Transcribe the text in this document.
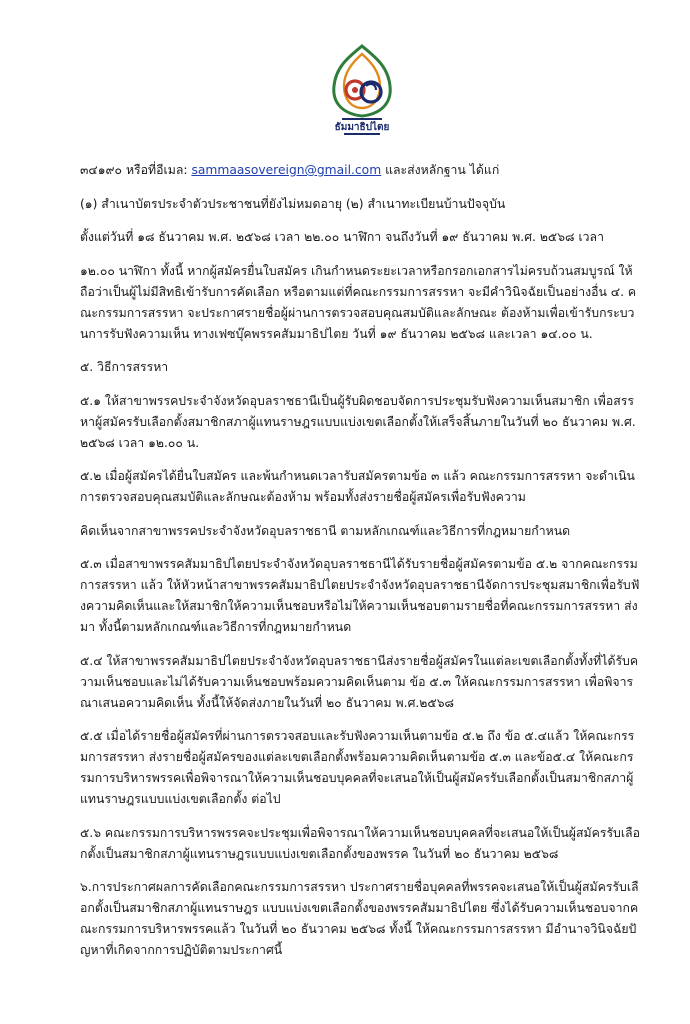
ธัมมาธิปไตย

๓๔๑๙๐ หรือที่อีเมล: sammaasovereign@gmail.com และส่งหลักฐาน ได้แก่

(๑) สำเนาบัตรประจำตัวประชาชนที่ยังไม่หมดอายุ (๒) สำเนาทะเบียนบ้านปัจจุบัน

ตั้งแต่วันที่ ๑๘ ธันวาคม พ.ศ. ๒๕๖๘ เวลา ๒๒.๐๐ นาฬิกา จนถึงวันที่ ๑๙ ธันวาคม พ.ศ. ๒๕๖๘ เวลา

๑๒.๐๐ นาฬิกา ทั้งนี้ หากผู้สมัครยื่นใบสมัคร เกินกำหนดระยะเวลาหรือกรอกเอกสารไม่ครบถ้วนสมบูรณ์ ให้ถือว่าเป็นผู้ไม่มีสิทธิเข้ารับการคัดเลือก หรือตามแต่ที่คณะกรรมการสรรหา จะมีคำวินิจฉัยเป็นอย่างอื่น ๔. คณะกรรมการสรรหา จะประกาศรายชื่อผู้ผ่านการตรวจสอบคุณสมบัติและลักษณะ ต้องห้ามเพื่อเข้ารับกระบวนการรับฟังความเห็น ทางเฟซบุ๊คพรรคสัมมาธิปไตย วันที่ ๑๙ ธันวาคม ๒๕๖๘ และเวลา ๑๔.๐๐ น.

๕. วิธีการสรรหา

๕.๑ ให้สาขาพรรคประจำจังหวัดอุบลราชธานีเป็นผู้รับผิดชอบจัดการประชุมรับฟังความเห็นสมาชิก เพื่อสรรหาผู้สมัครรับเลือกตั้งสมาชิกสภาผู้แทนราษฎรแบบแบ่งเขตเลือกตั้งให้เสร็จสิ้นภายในวันที่ ๒๐ ธันวาคม พ.ศ.๒๕๖๘ เวลา ๑๒.๐๐ น.

๕.๒ เมื่อผู้สมัครได้ยื่นใบสมัคร และพ้นกำหนดเวลารับสมัครตามข้อ ๓ แล้ว คณะกรรมการสรรหา จะดำเนินการตรวจสอบคุณสมบัติและลักษณะต้องห้าม พร้อมทั้งส่งรายชื่อผู้สมัครเพื่อรับฟังความ

คิดเห็นจากสาขาพรรคประจำจังหวัดอุบลราชธานี ตามหลักเกณฑ์และวิธีการที่กฎหมายกำหนด

๕.๓ เมื่อสาขาพรรคสัมมาธิปไตยประจำจังหวัดอุบลราชธานีได้รับรายชื่อผู้สมัครตามข้อ ๕.๒ จากคณะกรรมการสรรหา แล้ว ให้หัวหน้าสาขาพรรคสัมมาธิปไตยประจำจังหวัดอุบลราชธานีจัดการประชุมสมาชิกเพื่อรับฟังความคิดเห็นและให้สมาชิกให้ความเห็นชอบหรือไม่ให้ความเห็นชอบตามรายชื่อที่คณะกรรมการสรรหา ส่งมา ทั้งนี้ตามหลักเกณฑ์และวิธีการที่กฎหมายกำหนด

๕.๔ ให้สาขาพรรคสัมมาธิปไตยประจำจังหวัดอุบลราชธานีส่งรายชื่อผู้สมัครในแต่ละเขตเลือกตั้งทั้งที่ได้รับความเห็นชอบและไม่ได้รับความเห็นชอบพร้อมความคิดเห็นตาม ข้อ ๕.๓ ให้คณะกรรมการสรรหา เพื่อพิจารณาเสนอความคิดเห็น ทั้งนี้ให้จัดส่งภายในวันที่ ๒๐ ธันวาคม พ.ศ.๒๕๖๘

๕.๕ เมื่อได้รายชื่อผู้สมัครที่ผ่านการตรวจสอบและรับฟังความเห็นตามข้อ ๕.๒ ถึง ข้อ ๕.๔แล้ว ให้คณะกรรมการสรรหา ส่งรายชื่อผู้สมัครของแต่ละเขตเลือกตั้งพร้อมความคิดเห็นตามข้อ ๕.๓ และข้อ๕.๔ ให้คณะกรรมการบริหารพรรคเพื่อพิจารณาให้ความเห็นชอบบุคคลที่จะเสนอให้เป็นผู้สมัครรับเลือกตั้งเป็นสมาชิกสภาผู้แทนราษฎรแบบแบ่งเขตเลือกตั้ง ต่อไป

๕.๖ คณะกรรมการบริหารพรรคจะประชุมเพื่อพิจารณาให้ความเห็นชอบบุคคลที่จะเสนอให้เป็นผู้สมัครรับเลือกตั้งเป็นสมาชิกสภาผู้แทนราษฎรแบบแบ่งเขตเลือกตั้งของพรรค ในวันที่ ๒๐ ธันวาคม ๒๕๖๘

๖.การประกาศผลการคัดเลือกคณะกรรมการสรรหา ประกาศรายชื่อบุคคลที่พรรคจะเสนอให้เป็นผู้สมัครรับเลือกตั้งเป็นสมาชิกสภาผู้แทนราษฎร แบบแบ่งเขตเลือกตั้งของพรรคสัมมาธิปไตย ซึ่งได้รับความเห็นชอบจากคณะกรรมการบริหารพรรคแล้ว ในวันที่ ๒๐ ธันวาคม ๒๕๖๘ ทั้งนี้ ให้คณะกรรมการสรรหา มีอำนาจวินิจฉัยปัญหาที่เกิดจากการปฏิบัติตามประกาศนี้
